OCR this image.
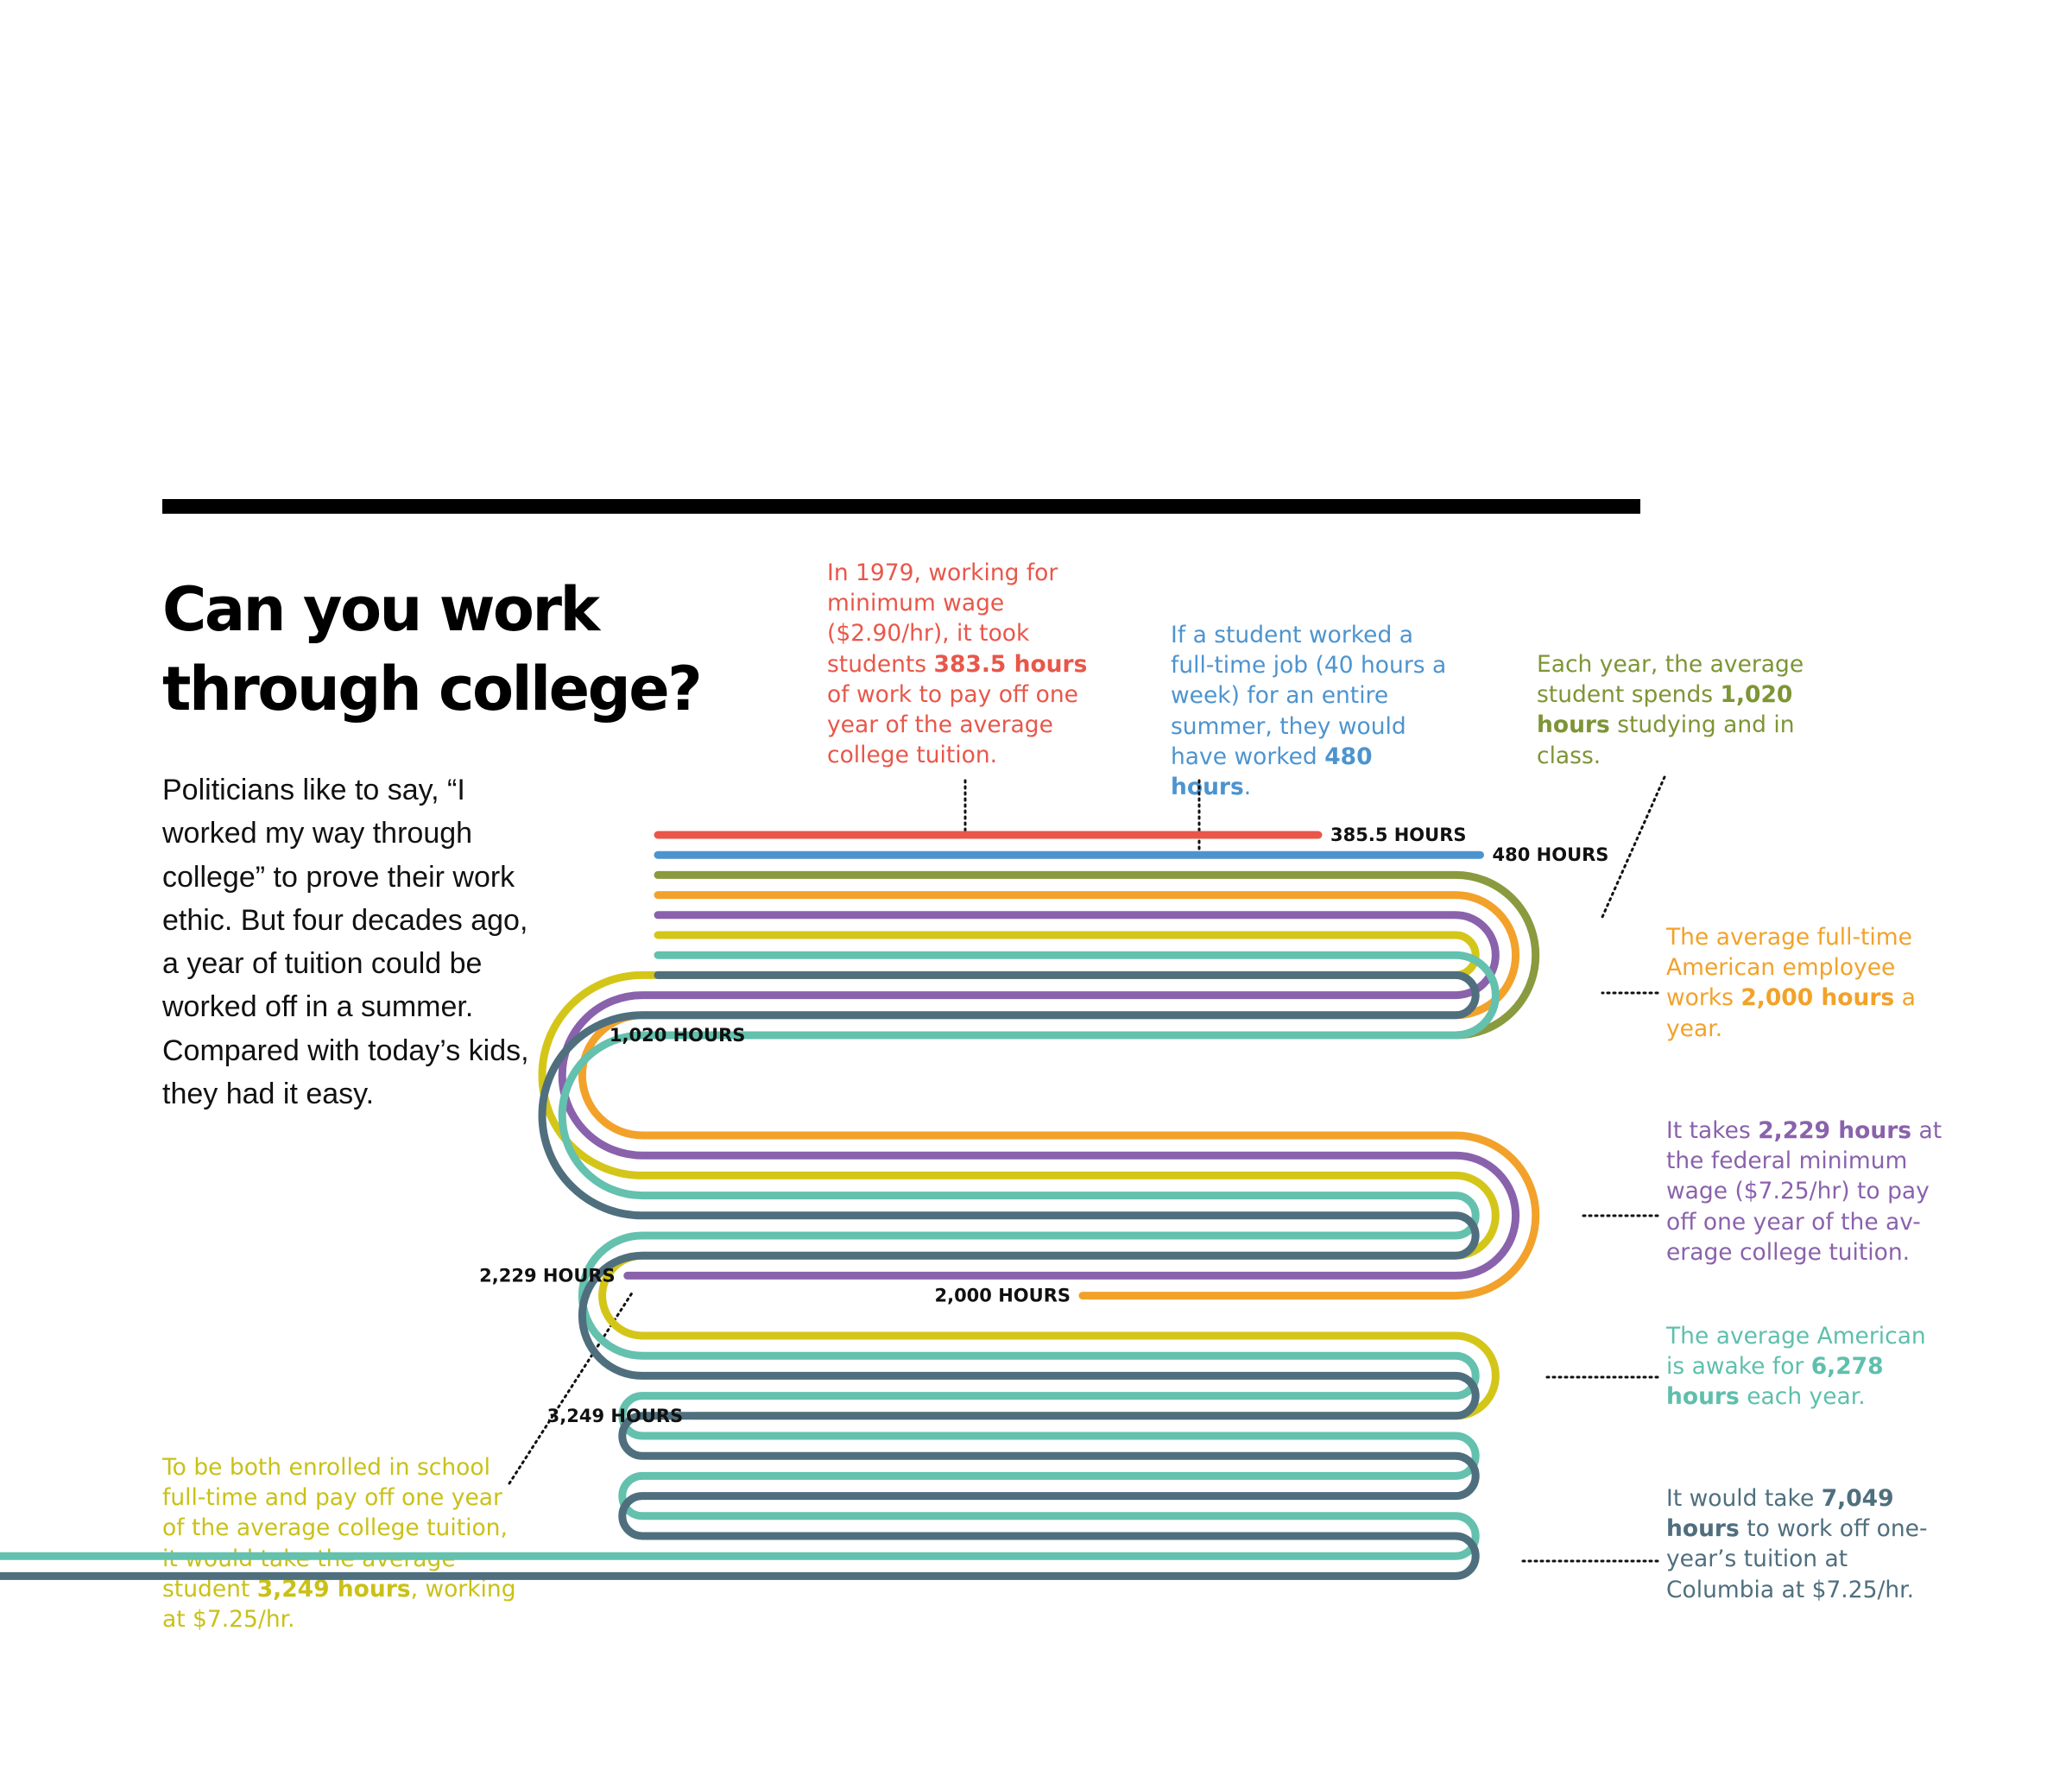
Can you work through college?

Politicians like to say, “I worked my way through college” to prove their work ethic. But four decades ago, a year of tuition could be worked off in a summer. Compared with today’s kids, they had it easy.

In 1979, working for minimum wage ($2.90/hr), it took students 383.5 hours of work to pay off one year of the average college tuition.

If a student worked a full-time job (40 hours a week) for an entire summer, they would have worked 480 hours.

Each year, the average student spends 1,020 hours studying and in class.

The average full-time American employee works 2,000 hours a year.

It takes 2,229 hours at the federal minimum wage ($7.25/hr) to pay off one year of the av- erage college tuition.

The average American is awake for 6,278 hours each year.

It would take 7,049 hours to work off one-year’s tuition at Columbia at $7.25/hr.

To be both enrolled in school full-time and pay off one year of the average college tuition, it would take the average student 3,249 hours, working at $7.25/hr.

385.5 HOURS
480 HOURS
1,020 HOURS
2,000 HOURS
2,229 HOURS
3,249 HOURS
